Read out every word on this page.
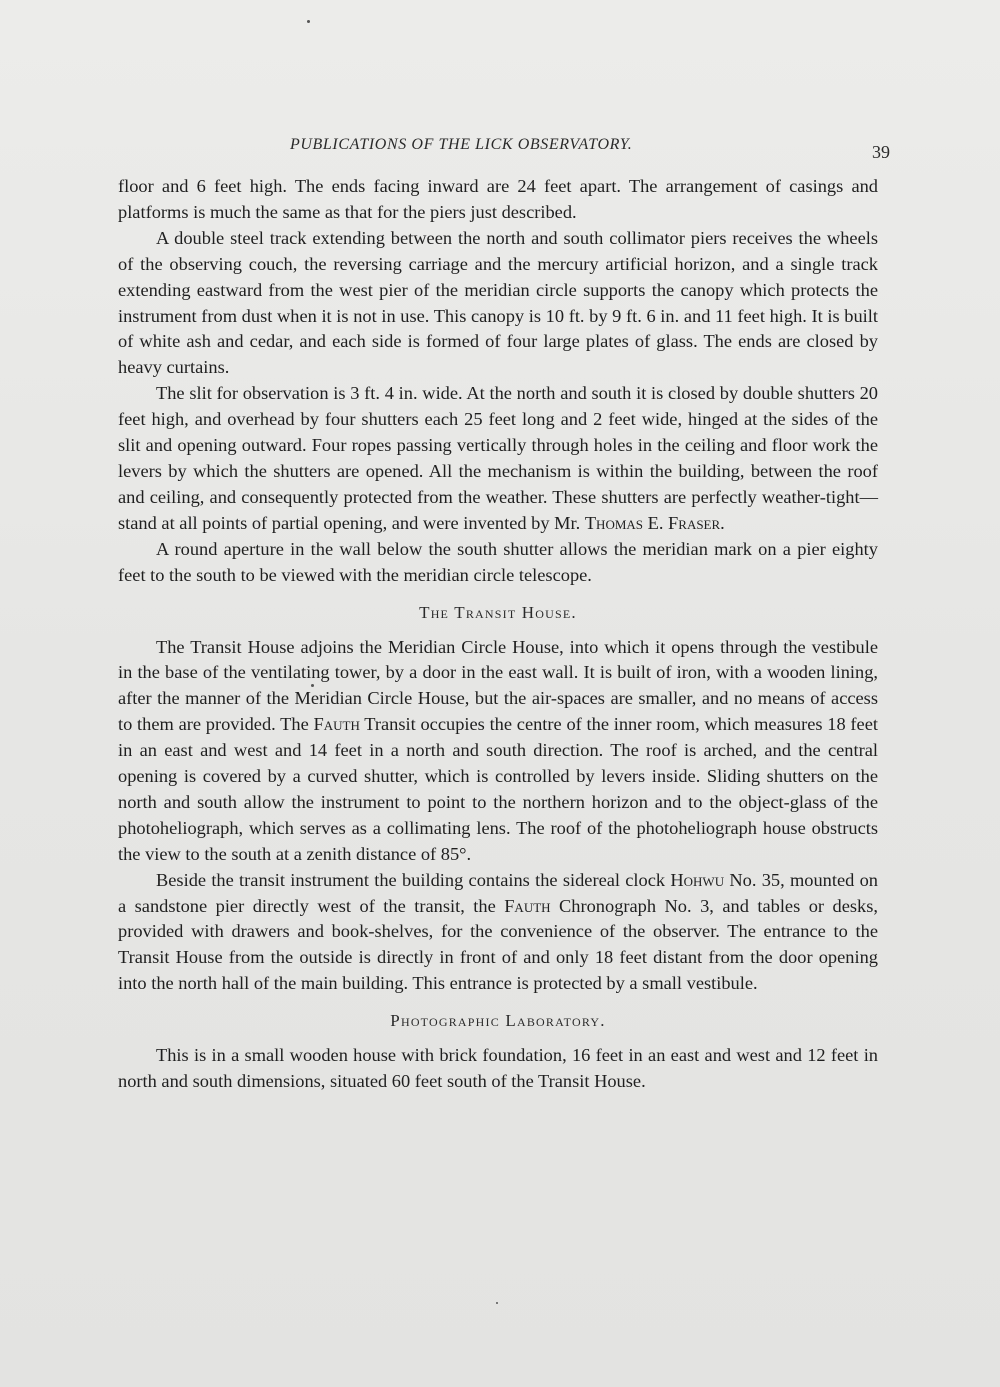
PUBLICATIONS OF THE LICK OBSERVATORY.	39

floor and 6 feet high. The ends facing inward are 24 feet apart. The arrangement of casings and platforms is much the same as that for the piers just described.

A double steel track extending between the north and south collimator piers receives the wheels of the observing couch, the reversing carriage and the mercury artificial horizon, and a single track extending eastward from the west pier of the meridian circle supports the canopy which protects the instrument from dust when it is not in use. This canopy is 10 ft. by 9 ft. 6 in. and 11 feet high. It is built of white ash and cedar, and each side is formed of four large plates of glass. The ends are closed by heavy curtains.

The slit for observation is 3 ft. 4 in. wide. At the north and south it is closed by double shutters 20 feet high, and overhead by four shutters each 25 feet long and 2 feet wide, hinged at the sides of the slit and opening outward. Four ropes passing vertically through holes in the ceiling and floor work the levers by which the shutters are opened. All the mechanism is within the building, between the roof and ceiling, and consequently protected from the weather. These shutters are perfectly weather-tight—stand at all points of partial opening, and were invented by Mr. Thomas E. Fraser.

A round aperture in the wall below the south shutter allows the meridian mark on a pier eighty feet to the south to be viewed with the meridian circle telescope.

The Transit House.

The Transit House adjoins the Meridian Circle House, into which it opens through the vestibule in the base of the ventilating tower, by a door in the east wall. It is built of iron, with a wooden lining, after the manner of the Meridian Circle House, but the air-spaces are smaller, and no means of access to them are provided. The Fauth Transit occupies the centre of the inner room, which measures 18 feet in an east and west and 14 feet in a north and south direction. The roof is arched, and the central opening is covered by a curved shutter, which is controlled by levers inside. Sliding shutters on the north and south allow the instrument to point to the northern horizon and to the object-glass of the photoheliograph, which serves as a collimating lens. The roof of the photoheliograph house obstructs the view to the south at a zenith distance of 85°.

Beside the transit instrument the building contains the sidereal clock Hohwu No. 35, mounted on a sandstone pier directly west of the transit, the Fauth Chronograph No. 3, and tables or desks, provided with drawers and book-shelves, for the convenience of the observer. The entrance to the Transit House from the outside is directly in front of and only 18 feet distant from the door opening into the north hall of the main building. This entrance is protected by a small vestibule.

Photographic Laboratory.

This is in a small wooden house with brick foundation, 16 feet in an east and west and 12 feet in north and south dimensions, situated 60 feet south of the Transit House.
